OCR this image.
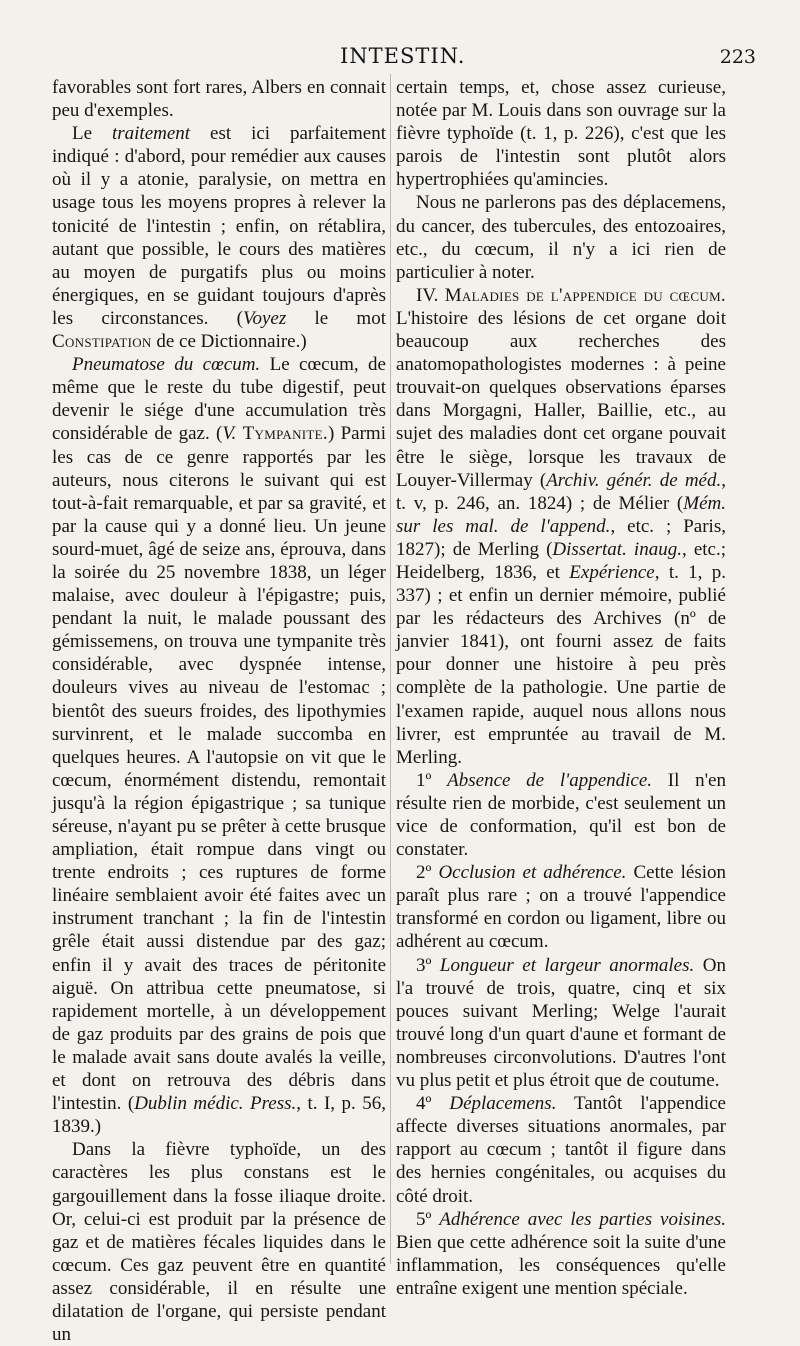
INTESTIN.	223

favorables sont fort rares, Albers en connait peu d'exemples.

Le traitement est ici parfaitement indiqué : d'abord, pour remédier aux causes où il y a atonie, paralysie, on mettra en usage tous les moyens propres à relever la tonicité de l'intestin ; enfin, on rétablira, autant que possible, le cours des matières au moyen de purgatifs plus ou moins énergiques, en se guidant toujours d'après les circonstances. (Voyez le mot Constipation de ce Dictionnaire.)

Pneumatose du cœcum. Le cœcum, de même que le reste du tube digestif, peut devenir le siége d'une accumulation très considérable de gaz. (V. Tympanite.) Parmi les cas de ce genre rapportés par les auteurs, nous citerons le suivant qui est tout-à-fait remarquable, et par sa gravité, et par la cause qui y a donné lieu. Un jeune sourd-muet, âgé de seize ans, éprouva, dans la soirée du 25 novembre 1838, un léger malaise, avec douleur à l'épigastre; puis, pendant la nuit, le malade poussant des gémissemens, on trouva une tympanite très considérable, avec dyspnée intense, douleurs vives au niveau de l'estomac ; bientôt des sueurs froides, des lipothymies survinrent, et le malade succomba en quelques heures. A l'autopsie on vit que le cœcum, énormément distendu, remontait jusqu'à la région épigastrique ; sa tunique séreuse, n'ayant pu se prêter à cette brusque ampliation, était rompue dans vingt ou trente endroits ; ces ruptures de forme linéaire semblaient avoir été faites avec un instrument tranchant ; la fin de l'intestin grêle était aussi distendue par des gaz; enfin il y avait des traces de péritonite aiguë. On attribua cette pneumatose, si rapidement mortelle, à un développement de gaz produits par des grains de pois que le malade avait sans doute avalés la veille, et dont on retrouva des débris dans l'intestin. (Dublin médic. Press., t. I, p. 56, 1839.)

Dans la fièvre typhoïde, un des caractères les plus constans est le gargouillement dans la fosse iliaque droite. Or, celui-ci est produit par la présence de gaz et de matières fécales liquides dans le cœcum. Ces gaz peuvent être en quantité assez considérable, il en résulte une dilatation de l'organe, qui persiste pendant un

certain temps, et, chose assez curieuse, notée par M. Louis dans son ouvrage sur la fièvre typhoïde (t. 1, p. 226), c'est que les parois de l'intestin sont plutôt alors hypertrophiées qu'amincies.

Nous ne parlerons pas des déplacemens, du cancer, des tubercules, des entozoaires, etc., du cœcum, il n'y a ici rien de particulier à noter.

IV. Maladies de l'appendice du cœcum. L'histoire des lésions de cet organe doit beaucoup aux recherches des anatomopathologistes modernes : à peine trouvait-on quelques observations éparses dans Morgagni, Haller, Baillie, etc., au sujet des maladies dont cet organe pouvait être le siège, lorsque les travaux de Louyer-Villermay (Archiv. génér. de méd., t. v, p. 246, an. 1824) ; de Mélier (Mém. sur les mal. de l'append., etc. ; Paris, 1827); de Merling (Dissertat. inaug., etc.; Heidelberg, 1836, et Expérience, t. 1, p. 337) ; et enfin un dernier mémoire, publié par les rédacteurs des Archives (nº de janvier 1841), ont fourni assez de faits pour donner une histoire à peu près complète de la pathologie. Une partie de l'examen rapide, auquel nous allons nous livrer, est empruntée au travail de M. Merling.

1º Absence de l'appendice. Il n'en résulte rien de morbide, c'est seulement un vice de conformation, qu'il est bon de constater.

2º Occlusion et adhérence. Cette lésion paraît plus rare ; on a trouvé l'appendice transformé en cordon ou ligament, libre ou adhérent au cœcum.

3º Longueur et largeur anormales. On l'a trouvé de trois, quatre, cinq et six pouces suivant Merling; Welge l'aurait trouvé long d'un quart d'aune et formant de nombreuses circonvolutions. D'autres l'ont vu plus petit et plus étroit que de coutume.

4º Déplacemens. Tantôt l'appendice affecte diverses situations anormales, par rapport au cœcum ; tantôt il figure dans des hernies congénitales, ou acquises du côté droit.

5º Adhérence avec les parties voisines. Bien que cette adhérence soit la suite d'une inflammation, les conséquences qu'elle entraîne exigent une mention spéciale.
